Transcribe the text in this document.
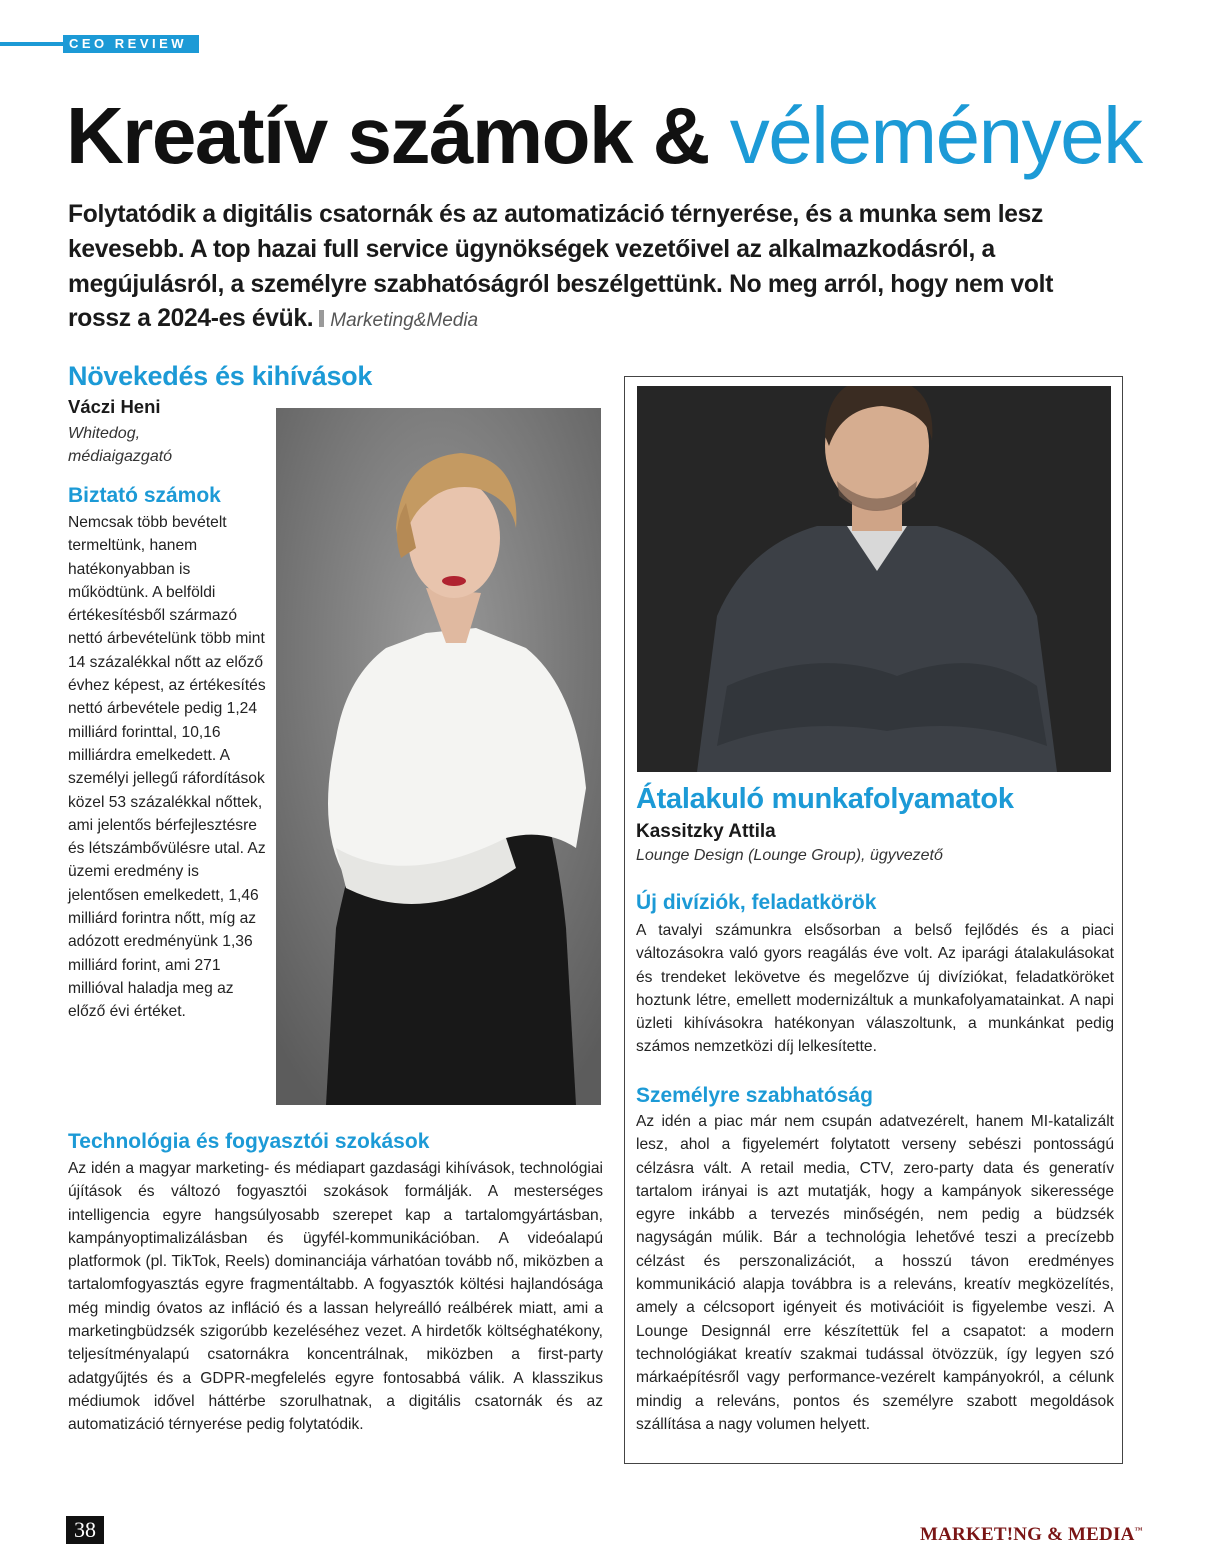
CEO REVIEW
Kreatív számok & vélemények

Folytatódik a digitális csatornák és az automatizáció térnyerése, és a munka sem lesz kevesebb. A top hazai full service ügynökségek vezetőivel az alkalmazkodásról, a megújulásról, a személyre szabhatóságról beszélgettünk. No meg arról, hogy nem volt rossz a 2024-es évük. Marketing&Media

Növekedés és kihívások
Váczi Heni
Whitedog,
médiaigazgató
Biztató számok

Nemcsak több bevételt termeltünk, hanem hatékonyabban is működtünk. A belföldi értékesítésből származó nettó árbevételünk több mint 14 százalékkal nőtt az előző évhez képest, az értékesítés nettó árbevétele pedig 1,24 milliárd forinttal, 10,16 milliárdra emelkedett. A személyi jellegű ráfordítások közel 53 százalékkal nőttek, ami jelentős bérfejlesztésre és létszámbővülésre utal. Az üzemi eredmény is jelentősen emelkedett, 1,46 milliárd forintra nőtt, míg az adózott eredményünk 1,36 milliárd forint, ami 271 millióval haladja meg az előző évi értéket.

Technológia és fogyasztói szokások

Az idén a magyar marketing- és médiapart gazdasági kihívások, technológiai újítások és változó fogyasztói szokások formálják. A mesterséges intelligencia egyre hangsúlyosabb szerepet kap a tartalomgyártásban, kampányoptimalizálásban és ügyfél-kommunikációban. A videóalapú platformok (pl. TikTok, Reels) dominanciája várhatóan tovább nő, miközben a tartalomfogyasztás egyre fragmentáltabb. A fogyasztók költési hajlandósága még mindig óvatos az infláció és a lassan helyreálló reálbérek miatt, ami a marketingbüdzsék szigorúbb kezeléséhez vezet. A hirdetők költséghatékony, teljesítményalapú csatornákra koncentrálnak, miközben a first-party adatgyűjtés és a GDPR-megfelelés egyre fontosabbá válik. A klasszikus médiumok idővel háttérbe szorulhatnak, a digitális csatornák és az automatizáció térnyerése pedig folytatódik.

Átalakuló munkafolyamatok
Kassitzky Attila
Lounge Design (Lounge Group), ügyvezető
Új divíziók, feladatkörök

A tavalyi számunkra elsősorban a belső fejlődés és a piaci változásokra való gyors reagálás éve volt. Az iparági átalakulásokat és trendeket lekövetve és megelőzve új divíziókat, feladatköröket hoztunk létre, emellett modernizáltuk a munkafolyamatainkat. A napi üzleti kihívásokra hatékonyan válaszoltunk, a munkánkat pedig számos nemzetközi díj lelkesítette.

Személyre szabhatóság

Az idén a piac már nem csupán adatvezérelt, hanem MI-katalizált lesz, ahol a figyelemért folytatott verseny sebészi pontosságú célzásra vált. A retail media, CTV, zero-party data és generatív tartalom irányai is azt mutatják, hogy a kampányok sikeressége egyre inkább a tervezés minőségén, nem pedig a büdzsék nagyságán múlik. Bár a technológia lehetővé teszi a precízebb célzást és perszonalizációt, a hosszú távon eredményes kommunikáció alapja továbbra is a releváns, kreatív megközelítés, amely a célcsoport igényeit és motivációit is figyelembe veszi. A Lounge Designnál erre készítettük fel a csapatot: a modern technológiákat kreatív szakmai tudással ötvözzük, így legyen szó márkaépítésről vagy performance-vezérelt kampányokról, a célunk mindig a releváns, pontos és személyre szabott megoldások szállítása a nagy volumen helyett.

38	MARKET!NG & MEDIA™
